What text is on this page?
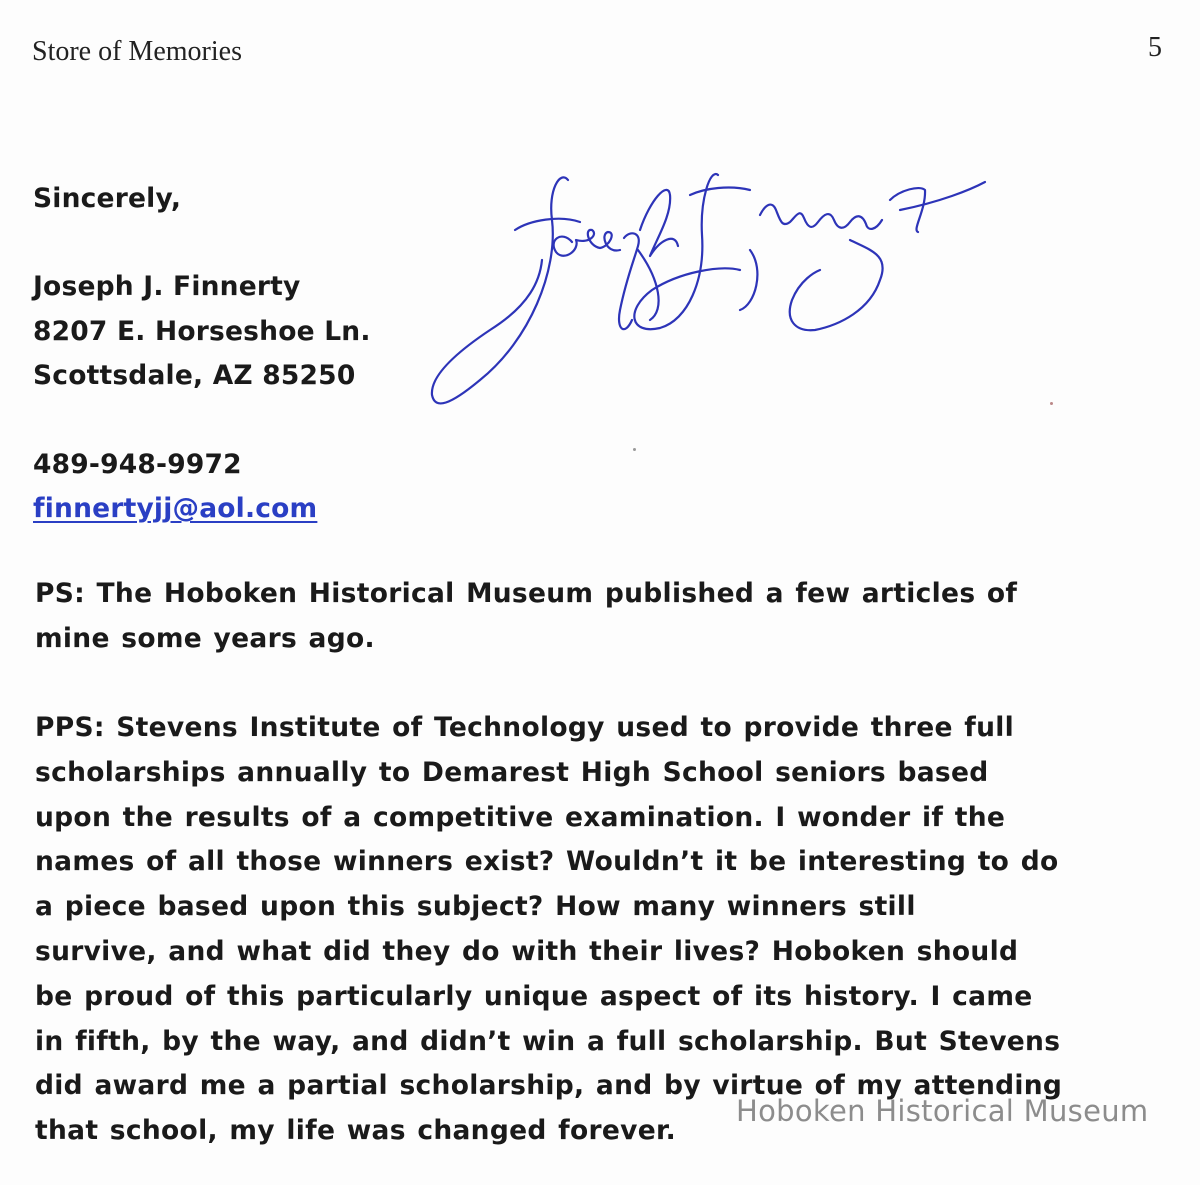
Store of Memories	5
Sincerely,
Joseph J. Finnerty
8207 E. Horseshoe Ln.
Scottsdale, AZ 85250
489-948-9972
finnertyjj@aol.com
PS: The Hoboken Historical Museum published a few articles of
mine some years ago.
PPS: Stevens Institute of Technology used to provide three full
scholarships annually to Demarest High School seniors based
upon the results of a competitive examination. I wonder if the
names of all those winners exist? Wouldn’t it be interesting to do
a piece based upon this subject? How many winners still
survive, and what did they do with their lives? Hoboken should
be proud of this particularly unique aspect of its history. I came
in fifth, by the way, and didn’t win a full scholarship. But Stevens
did award me a partial scholarship, and by virtue of my attending
that school, my life was changed forever.
Hoboken Historical Museum
